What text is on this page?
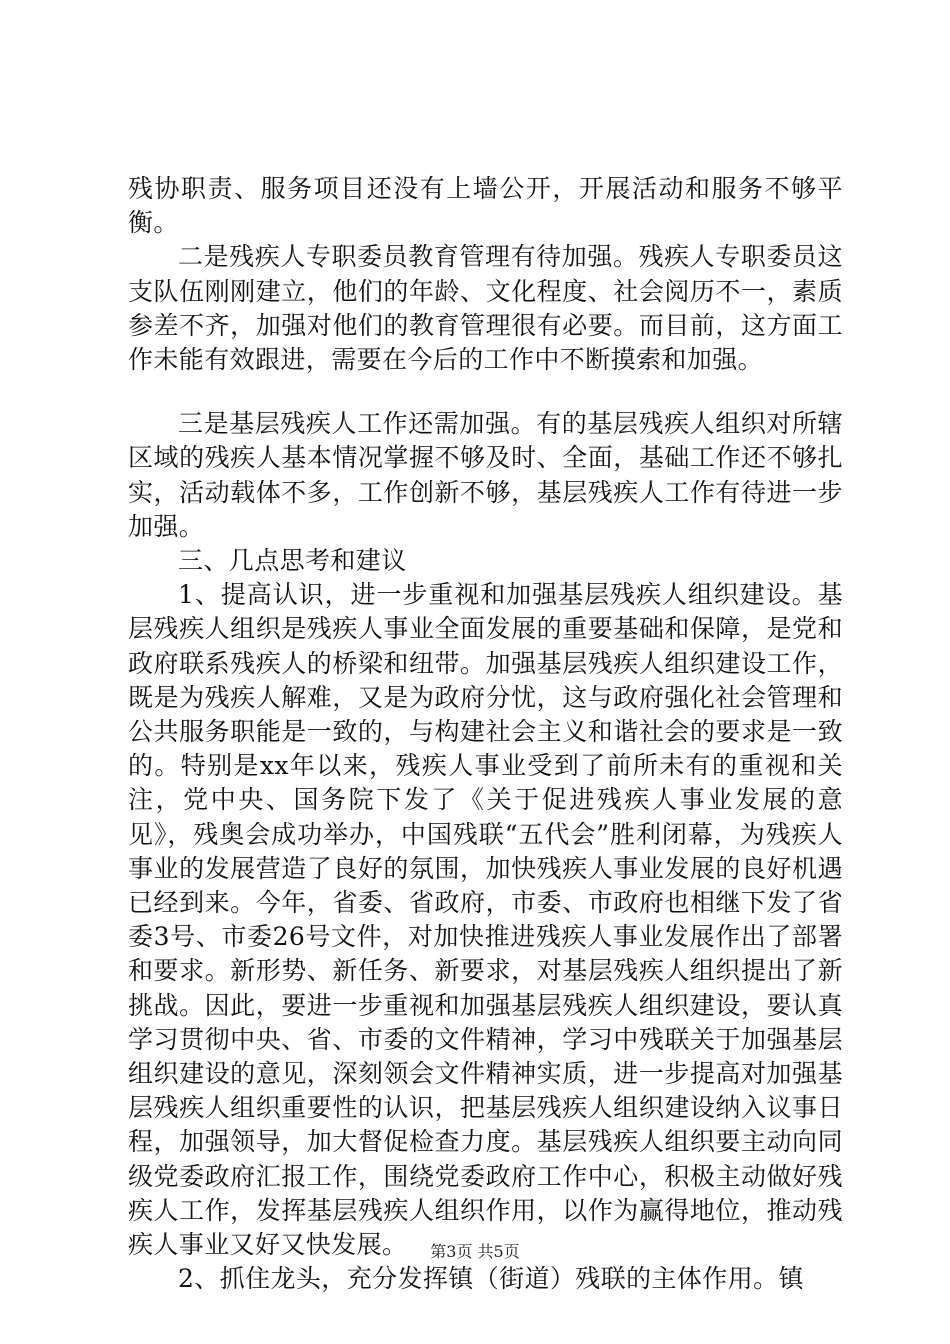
残协职责、服务项目还没有上墙公开，开展活动和服务不够平衡。

二是残疾人专职委员教育管理有待加强。残疾人专职委员这支队伍刚刚建立，他们的年龄、文化程度、社会阅历不一，素质参差不齐，加强对他们的教育管理很有必要。而目前，这方面工作未能有效跟进，需要在今后的工作中不断摸索和加强。

三是基层残疾人工作还需加强。有的基层残疾人组织对所辖区域的残疾人基本情况掌握不够及时、全面，基础工作还不够扎实，活动载体不多，工作创新不够，基层残疾人工作有待进一步加强。

三、几点思考和建议

1、提高认识，进一步重视和加强基层残疾人组织建设。基层残疾人组织是残疾人事业全面发展的重要基础和保障，是党和政府联系残疾人的桥梁和纽带。加强基层残疾人组织建设工作，既是为残疾人解难，又是为政府分忧，这与政府强化社会管理和公共服务职能是一致的，与构建社会主义和谐社会的要求是一致的。特别是xx年以来，残疾人事业受到了前所未有的重视和关注，党中央、国务院下发了《关于促进残疾人事业发展的意见》，残奥会成功举办，中国残联“五代会”胜利闭幕，为残疾人事业的发展营造了良好的氛围，加快残疾人事业发展的良好机遇已经到来。今年，省委、省政府，市委、市政府也相继下发了省委3号、市委26号文件，对加快推进残疾人事业发展作出了部署和要求。新形势、新任务、新要求，对基层残疾人组织提出了新挑战。因此，要进一步重视和加强基层残疾人组织建设，要认真学习贯彻中央、省、市委的文件精神，学习中残联关于加强基层组织建设的意见，深刻领会文件精神实质，进一步提高对加强基层残疾人组织重要性的认识，把基层残疾人组织建设纳入议事日程，加强领导，加大督促检查力度。基层残疾人组织要主动向同级党委政府汇报工作，围绕党委政府工作中心，积极主动做好残疾人工作，发挥基层残疾人组织作用，以作为赢得地位，推动残疾人事业又好又快发展。

2、抓住龙头，充分发挥镇（街道）残联的主体作用。镇

第3页 共5页
